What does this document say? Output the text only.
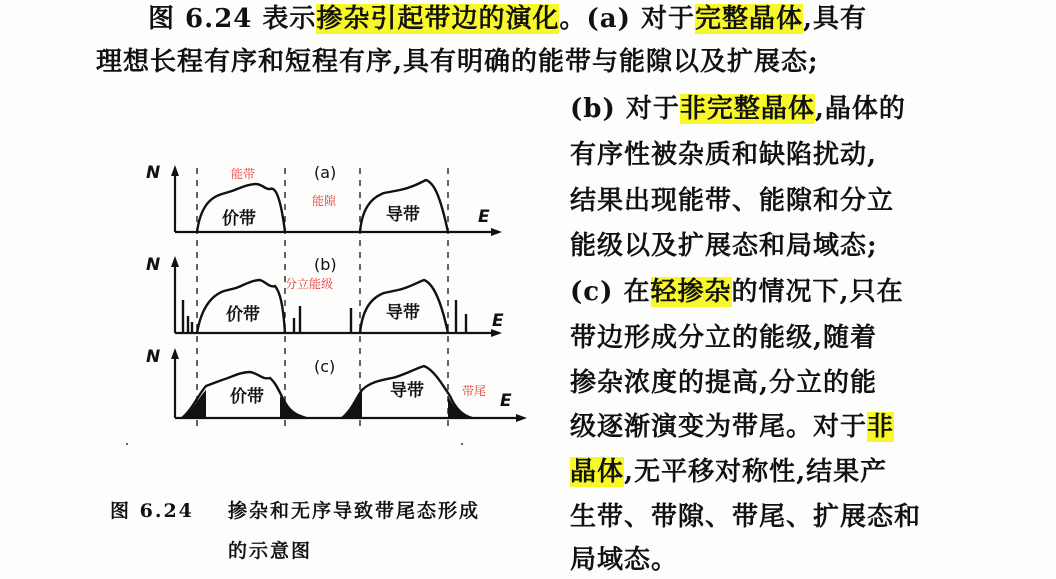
图 6.24 表示掺杂引起带边的演化。(a) 对于完整晶体,具有
理想长程有序和短程有序,具有明确的能带与能隙以及扩展态;
(b) 对于非完整晶体,晶体的
有序性被杂质和缺陷扰动,
结果出现能带、能隙和分立
能级以及扩展态和局域态;
(c) 在轻掺杂的情况下,只在
带边形成分立的能级,随着
掺杂浓度的提高,分立的能
级逐渐演变为带尾。对于非
晶体,无平移对称性,结果产
生带、带隙、带尾、扩展态和
局域态。
N
N
N
E
E
E
(a)
(b)
(c)
价带	导带
价带	导带
价带	导带
能带
能隙
分立能级
带尾
图 6.24 掺杂和无序导致带尾态形成
的示意图
